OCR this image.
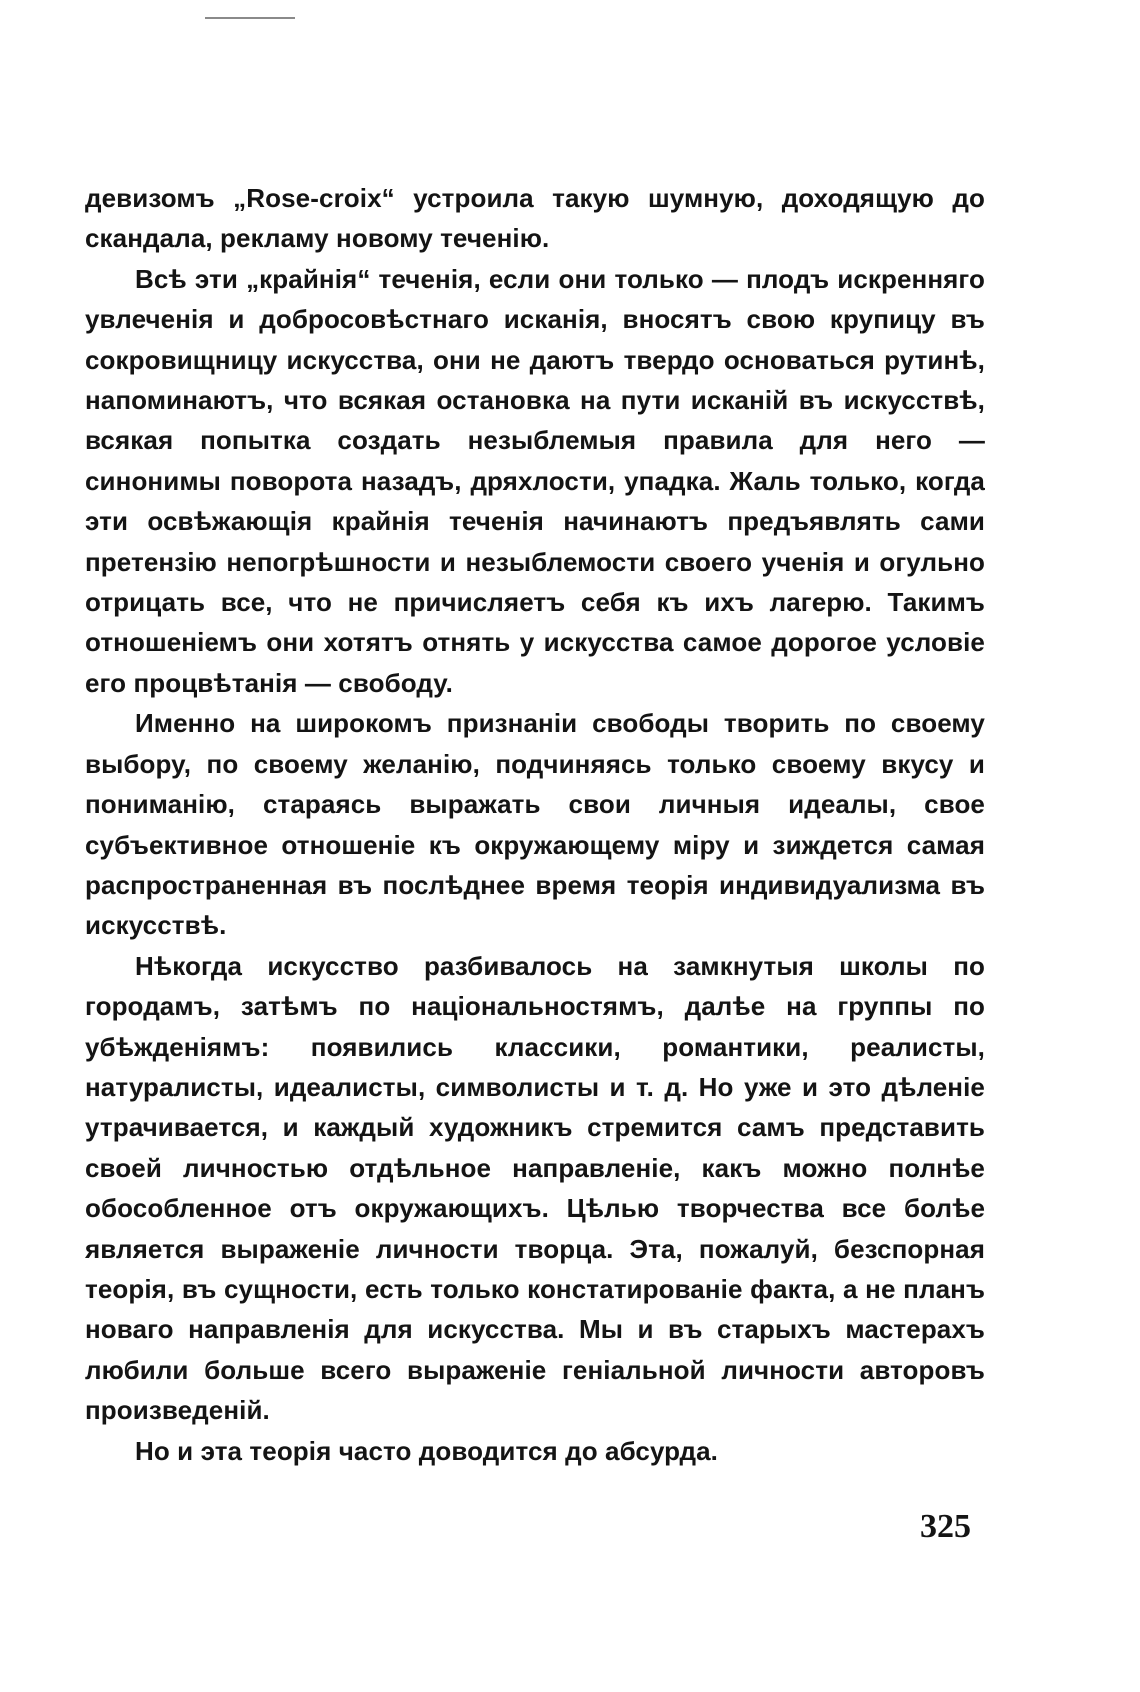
девизомъ „Rose-croix“ устроила такую шумную, доходящую до скандала, рекламу новому теченію.

Всѣ эти „крайнія“ теченія, если они только — плодъ искренняго увлеченія и добросовѣстнаго исканія, вносятъ свою крупицу въ сокровищницу искусства, они не даютъ твердо основаться рутинѣ, напоминаютъ, что всякая остановка на пути исканій въ искусствѣ, всякая попытка создать незыблемыя правила для него — синонимы поворота назадъ, дряхлости, упадка. Жаль только, когда эти освѣжающія крайнія теченія начинаютъ предъявлять сами претензію непогрѣшности и незыблемости своего ученія и огульно отрицать все, что не причисляетъ себя къ ихъ лагерю. Такимъ отношеніемъ они хотятъ отнять у искусства самое дорогое условіе его процвѣтанія — свободу.

Именно на широкомъ признаніи свободы творить по своему выбору, по своему желанію, подчиняясь только своему вкусу и пониманію, стараясь выражать свои личныя идеалы, свое субъективное отношеніе къ окружающему міру и зиждется самая распространенная въ послѣднее время теорія индивидуализма въ искусствѣ.

Нѣкогда искусство разбивалось на замкнутыя школы по городамъ, затѣмъ по національностямъ, далѣе на группы по убѣжденіямъ: появились классики, романтики, реалисты, натуралисты, идеалисты, символисты и т. д. Но уже и это дѣленіе утрачивается, и каждый художникъ стремится самъ представить своей личностью отдѣльное направленіе, какъ можно полнѣе обособленное отъ окружающихъ. Цѣлью творчества все болѣе является выраженіе личности творца. Эта, пожалуй, безспорная теорія, въ сущности, есть только констатированіе факта, а не планъ новаго направленія для искусства. Мы и въ старыхъ мастерахъ любили больше всего выраженіе геніальной личности авторовъ произведеній.

Но и эта теорія часто доводится до абсурда.

325
